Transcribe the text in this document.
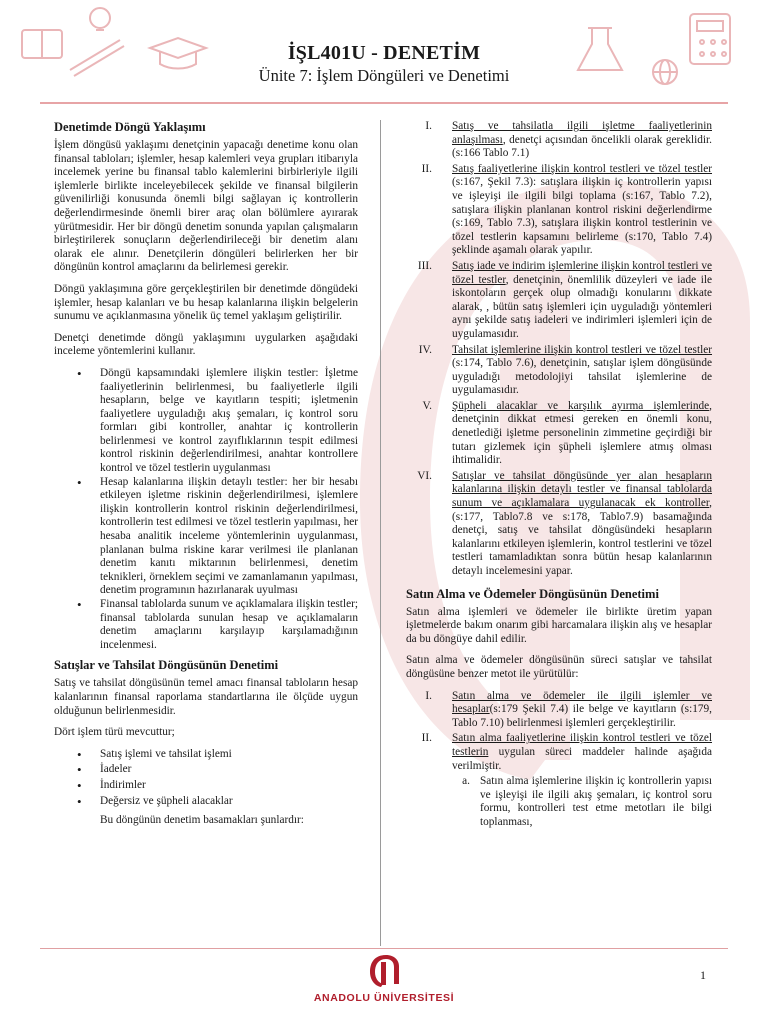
İŞL401U - DENETİM
Ünite 7: İşlem Döngüleri ve Denetimi
Denetimde Döngü Yaklaşımı

İşlem döngüsü yaklaşımı denetçinin yapacağı denetime konu olan finansal tabloları; işlemler, hesap kalemleri veya grupları itibarıyla incelemek yerine bu finansal tablo kalemlerini birbirleriyle ilgili işlemlerle birlikte inceleyebilecek şekilde ve finansal bilgilerin güvenilirliği konusunda önemli bilgi sağlayan iç kontrollerin değerlendirmesinde önemli birer araç olan bölümlere ayırarak yürütmesidir. Her bir döngü denetim sonunda yapılan çalışmaların birleştirilerek sonuçların değerlendirileceği bir denetim alanı olarak ele alınır. Denetçilerin döngüleri belirlerken her bir döngünün kontrol amaçlarını da belirlemesi gerekir.

Döngü yaklaşımına göre gerçekleştirilen bir denetimde döngüdeki işlemler, hesap kalanları ve bu hesap kalanlarına ilişkin belgelerin sunumu ve açıklanmasına yönelik üç temel yaklaşım geliştirilir.

Denetçi denetimde döngü yaklaşımını uygularken aşağıdaki inceleme yöntemlerini kullanır.

• Döngü kapsamındaki işlemlere ilişkin testler: İşletme faaliyetlerinin belirlenmesi, bu faaliyetlerle ilgili hesapların, belge ve kayıtların tespiti; işletmenin faaliyetlere uyguladığı akış şemaları, iç kontrol soru formları gibi kontroller, anahtar iç kontrollerin belirlenmesi ve kontrol zayıflıklarının tespit edilmesi kontrol riskinin değerlendirilmesi, anahtar kontrollere kontrol ve tözel testlerin uygulanması
• Hesap kalanlarına ilişkin detaylı testler: her bir hesabı etkileyen işletme riskinin değerlendirilmesi, işlemlere ilişkin kontrollerin kontrol riskinin değerlendirilmesi, kontrollerin test edilmesi ve tözel testlerin yapılması, her hesaba analitik inceleme yöntemlerinin uygulanması, planlanan bulma riskine karar verilmesi ile planlanan denetim kanıtı miktarının belirlenmesi, denetim teknikleri, örneklem seçimi ve zamanlamanın yapılması, denetim programının hazırlanarak uyulması
• Finansal tablolarda sunum ve açıklamalara ilişkin testler; finansal tablolarda sunulan hesap ve açıklamaların denetim amaçlarını karşılayıp karşılamadığının incelenmesi.
Satışlar ve Tahsilat Döngüsünün Denetimi

Satış ve tahsilat döngüsünün temel amacı finansal tabloların hesap kalanlarının finansal raporlama standartlarına ile ölçüde uygun olduğunun belirlenmesidir.

Dört işlem türü mevcuttur;

• Satış işlemi ve tahsilat işlemi
• İadeler
• İndirimler
• Değersiz ve şüpheli alacaklar

Bu döngünün denetim basamakları şunlardır:

I. Satış ve tahsilatla ilgili işletme faaliyetlerinin anlaşılması, denetçi açısından öncelikli olarak gereklidir. (s:166 Tablo 7.1)
II. Satış faaliyetlerine ilişkin kontrol testleri ve tözel testler (s:167, Şekil 7.3): satışlara ilişkin iç kontrollerin yapısı ve işleyişi ile ilgili bilgi toplama (s:167, Tablo 7.2), satışlara ilişkin planlanan kontrol riskini değerlendirme (s:169, Tablo 7.3), satışlara ilişkin kontrol testlerinin ve tözel testlerin kapsamını belirleme (s:170, Tablo 7.4) şeklinde aşamalı olarak yapılır.
III. Satış iade ve indirim işlemlerine ilişkin kontrol testleri ve tözel testler, denetçinin, önemlilik düzeyleri ve iade ile iskontoların gerçek olup olmadığı konularını dikkate alarak, , bütün satış işlemleri için uyguladığı yöntemleri aynı şekilde satış iadeleri ve indirimleri işlemleri için de uygulamasıdır.
IV. Tahsilat işlemlerine ilişkin kontrol testleri ve tözel testler (s:174, Tablo 7.6), denetçinin, satışlar işlem döngüsünde uyguladığı metodolojiyi tahsilat işlemlerine de uygulamasıdır.
V. Şüpheli alacaklar ve karşılık ayırma işlemlerinde, denetçinin dikkat etmesi gereken en önemli konu, denetlediği işletme personelinin zimmetine geçirdiği bir tutarı gizlemek için şüpheli işlemlere atmış olması ihtimalidir.
VI. Satışlar ve tahsilat döngüsünde yer alan hesapların kalanlarına ilişkin detaylı testler ve finansal tablolarda sunum ve açıklamalara uygulanacak ek kontroller, (s:177, Tablo7.8 ve s:178, Tablo7.9) basamağında denetçi, satış ve tahsilat döngüsündeki hesapların kalanlarını etkileyen işlemlerin, kontrol testlerini ve tözel testleri tamamladıktan sonra bütün hesap kalanlarının detaylı incelemesini yapar.
Satın Alma ve Ödemeler Döngüsünün Denetimi

Satın alma işlemleri ve ödemeler ile birlikte üretim yapan işletmelerde bakım onarım gibi harcamalara ilişkin alış ve hesaplar da bu döngüye dahil edilir.

Satın alma ve ödemeler döngüsünün süreci satışlar ve tahsilat döngüsüne benzer metot ile yürütülür:

I. Satın alma ve ödemeler ile ilgili işlemler ve hesaplar(s:179 Şekil 7.4) ile belge ve kayıtların (s:179, Tablo 7.10) belirlenmesi işlemleri gerçekleştirilir.
II. Satın alma faaliyetlerine ilişkin kontrol testleri ve tözel testlerin uygulan süreci maddeler halinde aşağıda verilmiştir.
a. Satın alma işlemlerine ilişkin iç kontrollerin yapısı ve işleyişi ile ilgili akış şemaları, iç kontrol soru formu, kontrolleri test etme metotları ile bilgi toplanması,
1
ANADOLU ÜNİVERSİTESİ
